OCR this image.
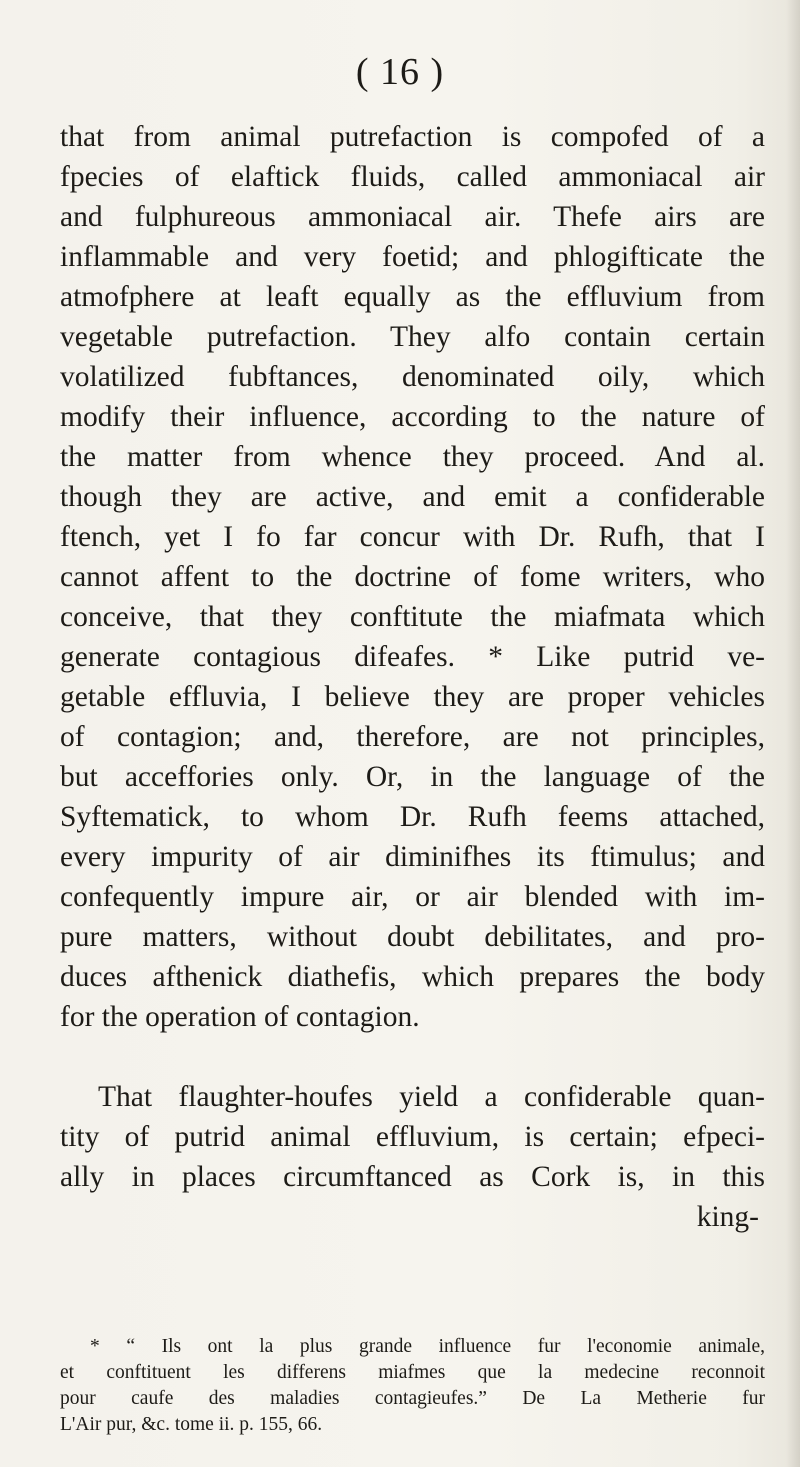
( 16 )
that from animal putrefaction is compofed of a
fpecies of elaftick fluids, called ammoniacal air
and fulphureous ammoniacal air. Thefe airs are
inflammable and very foetid; and phlogifticate the
atmofphere at leaft equally as the effluvium from
vegetable putrefaction. They alfo contain certain
volatilized fubftances, denominated oily, which
modify their influence, according to the nature of
the matter from whence they proceed. And al.
though they are active, and emit a confiderable
ftench, yet I fo far concur with Dr. Rufh, that I
cannot affent to the doctrine of fome writers, who
conceive, that they conftitute the miafmata which
generate contagious difeafes. * Like putrid ve-
getable effluvia, I believe they are proper vehicles
of contagion; and, therefore, are not principles,
but acceffories only. Or, in the language of the
Syftematick, to whom Dr. Rufh feems attached,
every impurity of air diminifhes its ftimulus; and
confequently impure air, or air blended with im-
pure matters, without doubt debilitates, and pro-
duces afthenick diathefis, which prepares the body
for the operation of contagion.
That flaughter-houfes yield a confiderable quan-
tity of putrid animal effluvium, is certain; efpeci-
ally in places circumftanced as Cork is, in this
king-
* “ Ils ont la plus grande influence fur l'economie animale,
et conftituent les differens miafmes que la medecine reconnoit
pour caufe des maladies contagieufes.” De La Metherie fur
L'Air pur, &c. tome ii. p. 155, 66.
